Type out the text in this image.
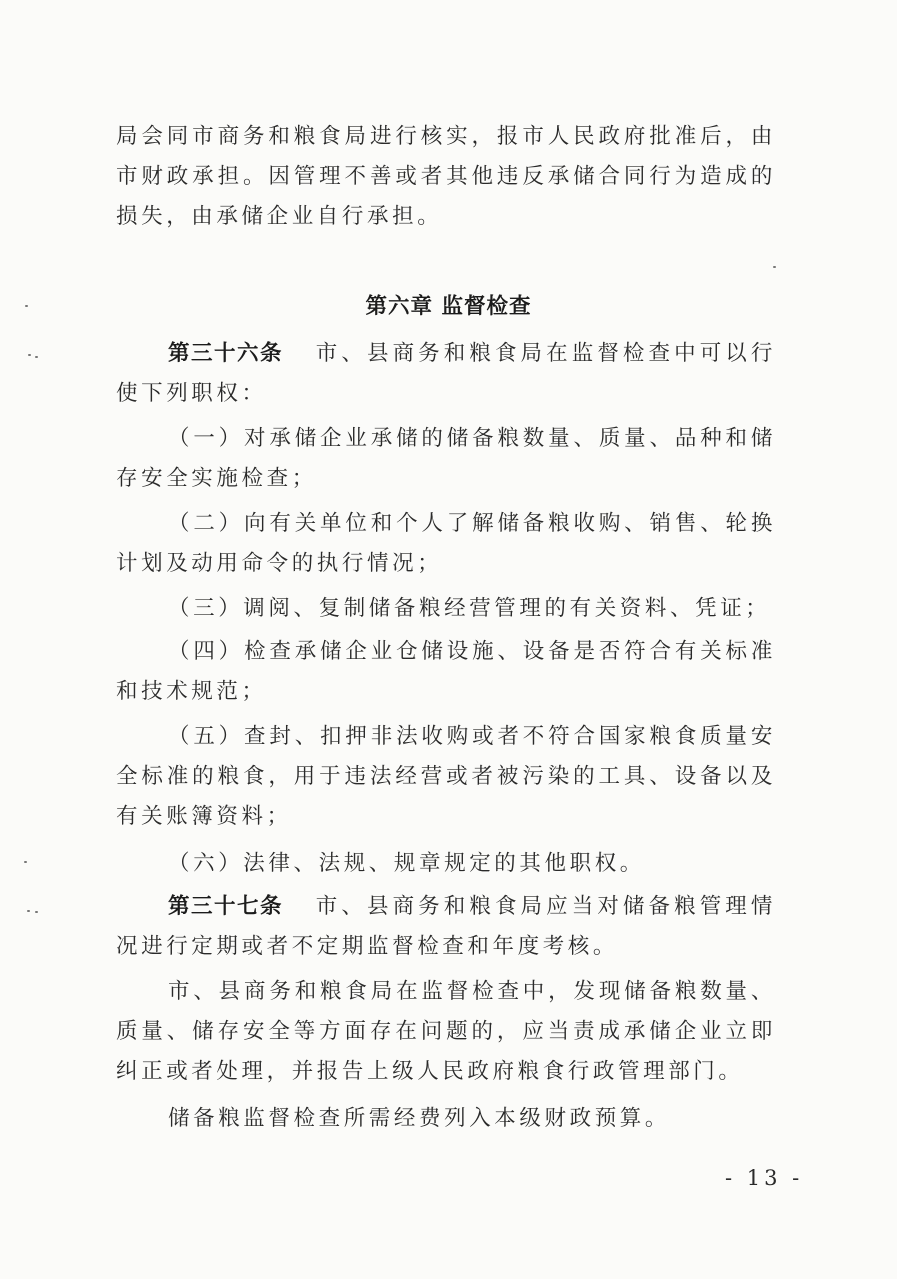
局会同市商务和粮食局进行核实，报市人民政府批准后，由市财政承担。因管理不善或者其他违反承储合同行为造成的损失，由承储企业自行承担。

第六章 监督检查

第三十六条 市、县商务和粮食局在监督检查中可以行使下列职权：

（一）对承储企业承储的储备粮数量、质量、品种和储存安全实施检查；

（二）向有关单位和个人了解储备粮收购、销售、轮换计划及动用命令的执行情况；

（三）调阅、复制储备粮经营管理的有关资料、凭证；

（四）检查承储企业仓储设施、设备是否符合有关标准和技术规范；

（五）查封、扣押非法收购或者不符合国家粮食质量安全标准的粮食，用于违法经营或者被污染的工具、设备以及有关账簿资料；

（六）法律、法规、规章规定的其他职权。

第三十七条 市、县商务和粮食局应当对储备粮管理情况进行定期或者不定期监督检查和年度考核。

市、县商务和粮食局在监督检查中，发现储备粮数量、质量、储存安全等方面存在问题的，应当责成承储企业立即纠正或者处理，并报告上级人民政府粮食行政管理部门。

储备粮监督检查所需经费列入本级财政预算。

- 13 -
